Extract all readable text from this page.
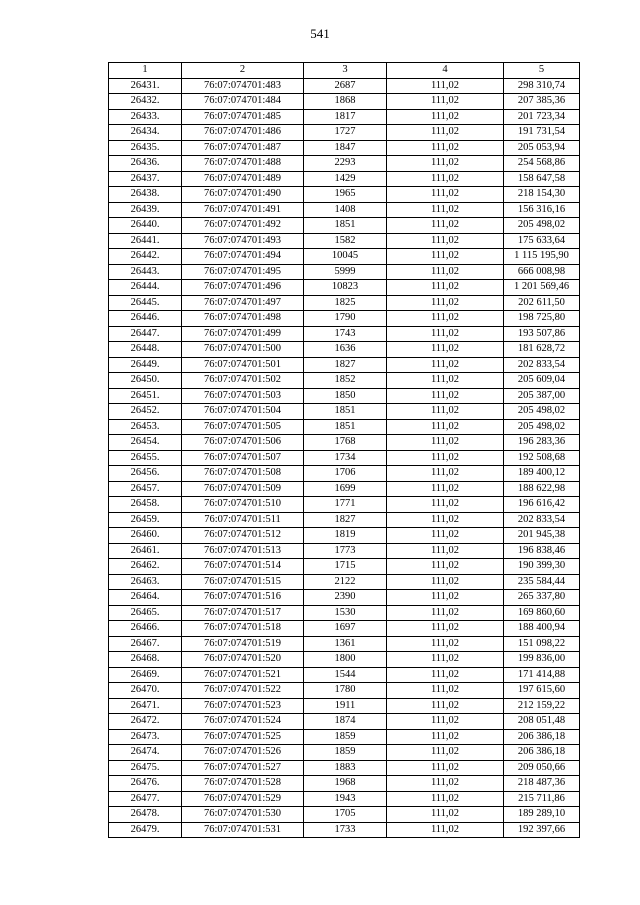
541
1	2	3	4	5
26431.	76:07:074701:483	2687	111,02	298 310,74
26432.	76:07:074701:484	1868	111,02	207 385,36
26433.	76:07:074701:485	1817	111,02	201 723,34
26434.	76:07:074701:486	1727	111,02	191 731,54
26435.	76:07:074701:487	1847	111,02	205 053,94
26436.	76:07:074701:488	2293	111,02	254 568,86
26437.	76:07:074701:489	1429	111,02	158 647,58
26438.	76:07:074701:490	1965	111,02	218 154,30
26439.	76:07:074701:491	1408	111,02	156 316,16
26440.	76:07:074701:492	1851	111,02	205 498,02
26441.	76:07:074701:493	1582	111,02	175 633,64
26442.	76:07:074701:494	10045	111,02	1 115 195,90
26443.	76:07:074701:495	5999	111,02	666 008,98
26444.	76:07:074701:496	10823	111,02	1 201 569,46
26445.	76:07:074701:497	1825	111,02	202 611,50
26446.	76:07:074701:498	1790	111,02	198 725,80
26447.	76:07:074701:499	1743	111,02	193 507,86
26448.	76:07:074701:500	1636	111,02	181 628,72
26449.	76:07:074701:501	1827	111,02	202 833,54
26450.	76:07:074701:502	1852	111,02	205 609,04
26451.	76:07:074701:503	1850	111,02	205 387,00
26452.	76:07:074701:504	1851	111,02	205 498,02
26453.	76:07:074701:505	1851	111,02	205 498,02
26454.	76:07:074701:506	1768	111,02	196 283,36
26455.	76:07:074701:507	1734	111,02	192 508,68
26456.	76:07:074701:508	1706	111,02	189 400,12
26457.	76:07:074701:509	1699	111,02	188 622,98
26458.	76:07:074701:510	1771	111,02	196 616,42
26459.	76:07:074701:511	1827	111,02	202 833,54
26460.	76:07:074701:512	1819	111,02	201 945,38
26461.	76:07:074701:513	1773	111,02	196 838,46
26462.	76:07:074701:514	1715	111,02	190 399,30
26463.	76:07:074701:515	2122	111,02	235 584,44
26464.	76:07:074701:516	2390	111,02	265 337,80
26465.	76:07:074701:517	1530	111,02	169 860,60
26466.	76:07:074701:518	1697	111,02	188 400,94
26467.	76:07:074701:519	1361	111,02	151 098,22
26468.	76:07:074701:520	1800	111,02	199 836,00
26469.	76:07:074701:521	1544	111,02	171 414,88
26470.	76:07:074701:522	1780	111,02	197 615,60
26471.	76:07:074701:523	1911	111,02	212 159,22
26472.	76:07:074701:524	1874	111,02	208 051,48
26473.	76:07:074701:525	1859	111,02	206 386,18
26474.	76:07:074701:526	1859	111,02	206 386,18
26475.	76:07:074701:527	1883	111,02	209 050,66
26476.	76:07:074701:528	1968	111,02	218 487,36
26477.	76:07:074701:529	1943	111,02	215 711,86
26478.	76:07:074701:530	1705	111,02	189 289,10
26479.	76:07:074701:531	1733	111,02	192 397,66
